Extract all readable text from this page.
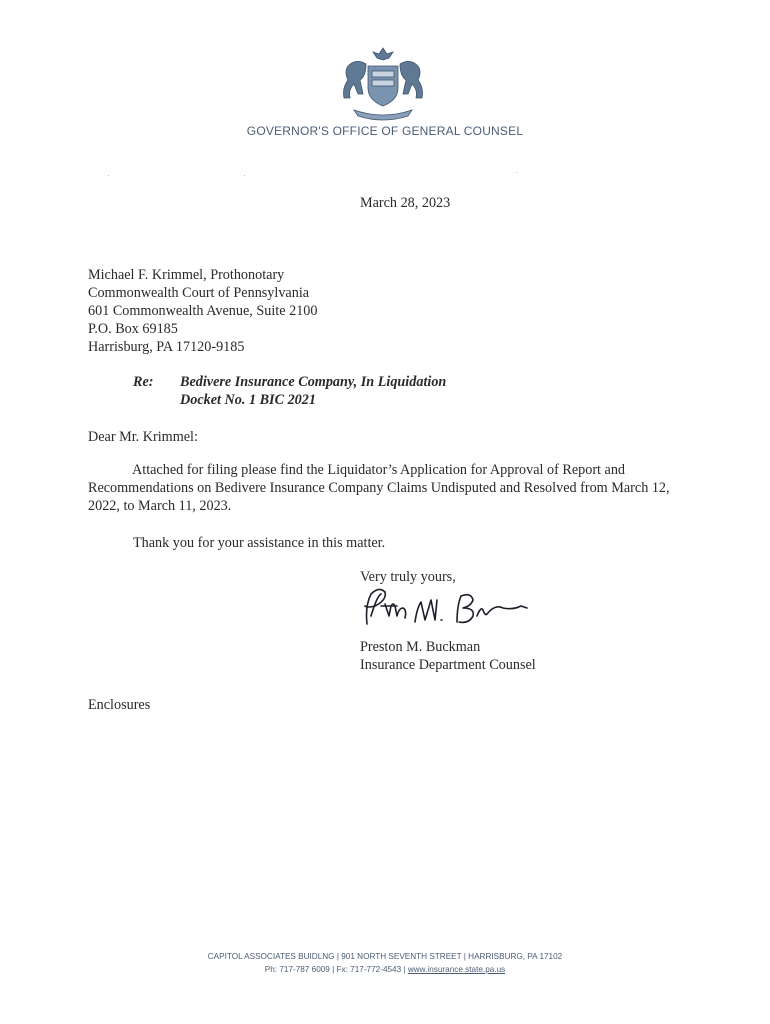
GOVERNOR'S OFFICE OF GENERAL COUNSEL
March 28, 2023
Michael F. Krimmel, Prothonotary
Commonwealth Court of Pennsylvania
601 Commonwealth Avenue, Suite 2100
P.O. Box 69185
Harrisburg, PA 17120-9185
Re: Bedivere Insurance Company, In Liquidation
Docket No. 1 BIC 2021
Dear Mr. Krimmel:
Attached for filing please find the Liquidator’s Application for Approval of Report and Recommendations on Bedivere Insurance Company Claims Undisputed and Resolved from March 12, 2022, to March 11, 2023.
Thank you for your assistance in this matter.
Very truly yours,
Preston M. Buckman
Insurance Department Counsel
Enclosures
CAPITOL ASSOCIATES BUIDLNG | 901 NORTH SEVENTH STREET | HARRISBURG, PA 17102
Ph: 717-787 6009 | Fx: 717-772-4543 | www.insurance.state.pa.us
